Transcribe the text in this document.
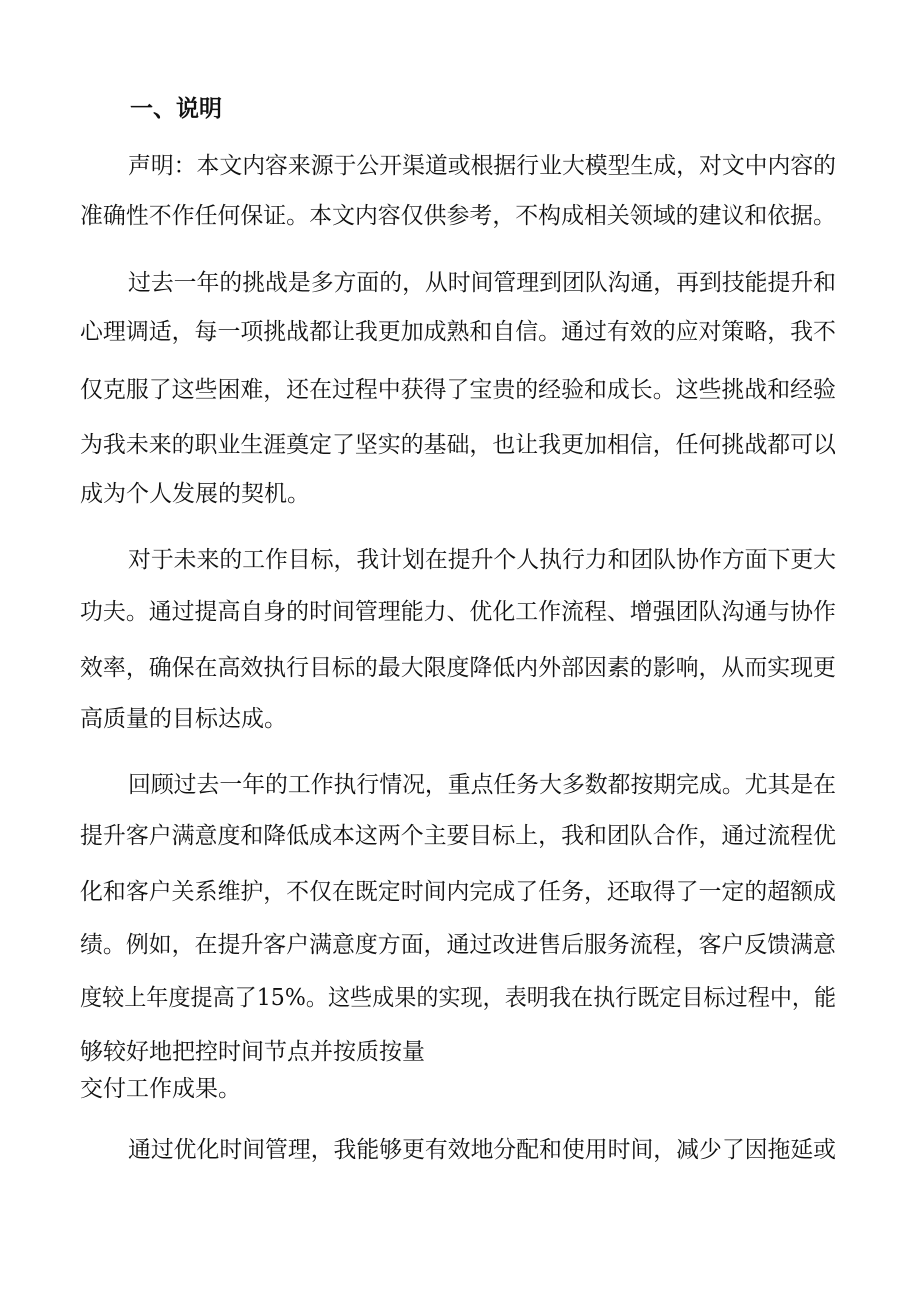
一、说明
声明：本文内容来源于公开渠道或根据行业大模型生成，对文中内容的
准确性不作任何保证。本文内容仅供参考，不构成相关领域的建议和依据。
过去一年的挑战是多方面的，从时间管理到团队沟通，再到技能提升和
心理调适，每一项挑战都让我更加成熟和自信。通过有效的应对策略，我不
仅克服了这些困难，还在过程中获得了宝贵的经验和成长。这些挑战和经验
为我未来的职业生涯奠定了坚实的基础，也让我更加相信，任何挑战都可以
成为个人发展的契机。
对于未来的工作目标，我计划在提升个人执行力和团队协作方面下更大
功夫。通过提高自身的时间管理能力、优化工作流程、增强团队沟通与协作
效率，确保在高效执行目标的最大限度降低内外部因素的影响，从而实现更
高质量的目标达成。
回顾过去一年的工作执行情况，重点任务大多数都按期完成。尤其是在
提升客户满意度和降低成本这两个主要目标上，我和团队合作，通过流程优
化和客户关系维护，不仅在既定时间内完成了任务，还取得了一定的超额成
绩。例如，在提升客户满意度方面，通过改进售后服务流程，客户反馈满意
度较上年度提高了15%。这些成果的实现，表明我在执行既定目标过程中，能
够较好地把控时间节点并按质按量
交付工作成果。
通过优化时间管理，我能够更有效地分配和使用时间，减少了因拖延或
